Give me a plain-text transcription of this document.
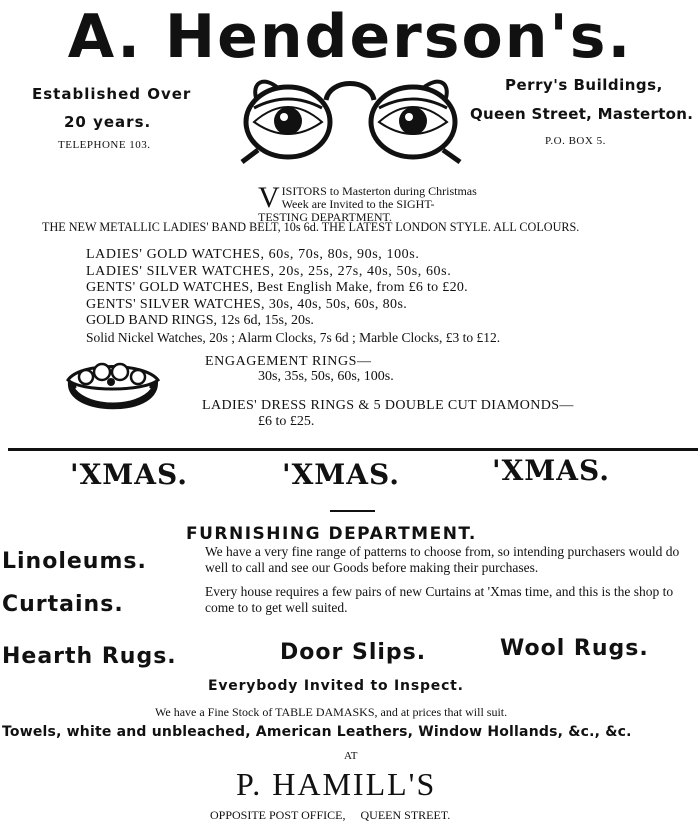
A. Henderson's.
Established Over
20 years.
TELEPHONE 103.
Perry's Buildings,
Queen Street, Masterton.
P.O. BOX 5.
V ISITORS to Masterton during Christmas
Week are Invited to the SIGHT-
TESTING DEPARTMENT.
THE NEW METALLIC LADIES' BAND BELT, 10s 6d. THE LATEST LONDON STYLE. ALL COLOURS.
LADIES' GOLD WATCHES, 60s, 70s, 80s, 90s, 100s.
LADIES' SILVER WATCHES, 20s, 25s, 27s, 40s, 50s, 60s.
GENTS' GOLD WATCHES, Best English Make, from £6 to £20.
GENTS' SILVER WATCHES, 30s, 40s, 50s, 60s, 80s.
GOLD BAND RINGS, 12s 6d, 15s, 20s.
Solid Nickel Watches, 20s ; Alarm Clocks, 7s 6d ; Marble Clocks, £3 to £12.
ENGAGEMENT RINGS—
30s, 35s, 50s, 60s, 100s.
LADIES' DRESS RINGS & 5 DOUBLE CUT DIAMONDS—
£6 to £25.
'XMAS.	'XMAS.	'XMAS.
FURNISHING DEPARTMENT.
Linoleums.	We have a very fine range of patterns to choose from, so intending purchasers would do well to call and see our Goods before making their purchases.
Curtains.
Every house requires a few pairs of new Curtains at 'Xmas time, and this is the shop to come to to get well suited.
Hearth Rugs.	Door Slips.	Wool Rugs.
Everybody Invited to Inspect.
We have a Fine Stock of TABLE DAMASKS, and at prices that will suit.
Towels, white and unbleached, American Leathers, Window Hollands, &c., &c.
AT
P. HAMILL'S
OPPOSITE POST OFFICE,     QUEEN STREET.
